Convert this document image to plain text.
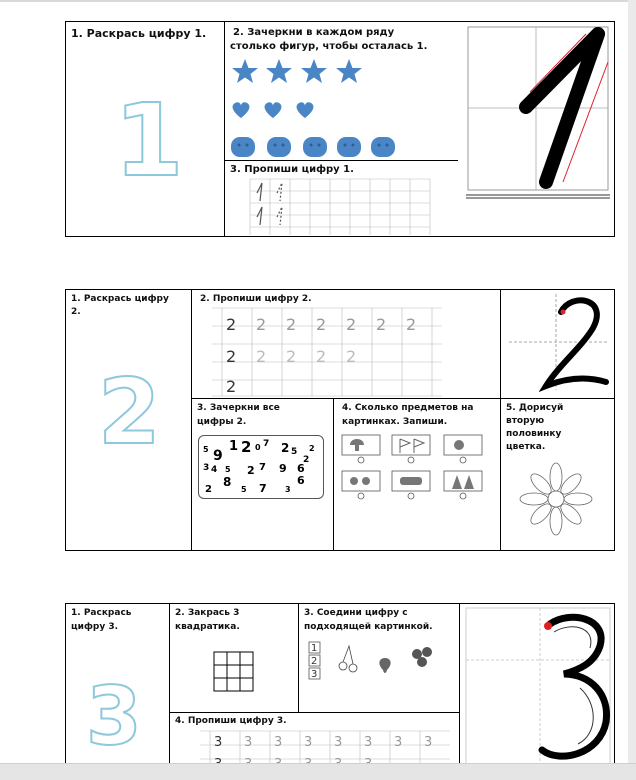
1. Раскрась цифру 1.
1
2. Зачеркни в каждом ряду
столько фигур, чтобы осталась 1.
3. Пропиши цифру 1.
1. Раскрась цифру
2.
2
2. Пропиши цифру 2.
2 2 2 2 2 2 2
2 2 2 2 2
2
3. Зачеркни все
цифры 2.
5 9
1 2 0 7 2 5 2
3 4 5 2 7 9 6
2
8
5 7
6
3
2
4. Сколько предметов на
картинках. Запиши.
5. Дорисуй
вторую
половинку
цветка.
1. Раскрась
цифру 3.
3
2. Закрась 3
квадратика.
3. Соедини цифру с
подходящей картинкой.
1
2
3
4. Пропиши цифру 3.
3 3 3 3 3 3 3 3
